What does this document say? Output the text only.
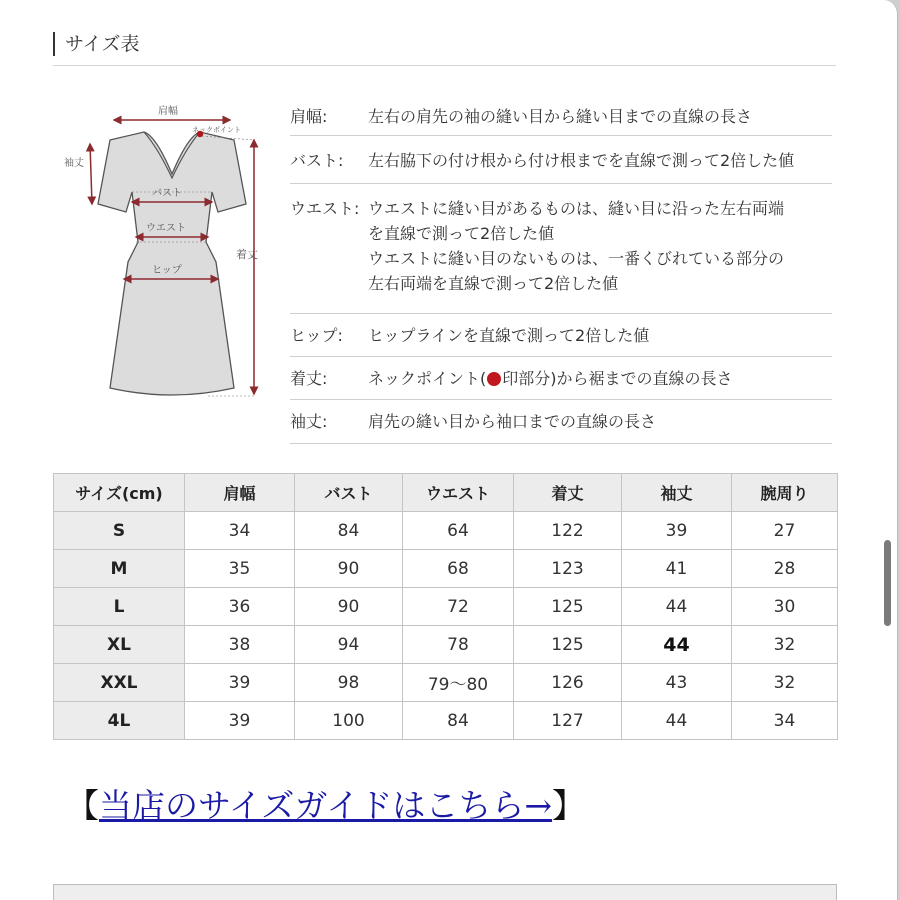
サイズ表
肩幅
ネックポイント
袖丈
バスト
ウエスト
ヒップ
着丈
肩幅:	左右の肩先の袖の縫い目から縫い目までの直線の長さ
バスト:	左右脇下の付け根から付け根までを直線で測って2倍した値
ウエスト: ウエストに縫い目があるものは、縫い目に沿った左右両端
を直線で測って2倍した値
ウエストに縫い目のないものは、一番くびれている部分の
左右両端を直線で測って2倍した値
ヒップ:	ヒップラインを直線で測って2倍した値
着丈:	ネックポイント( 印部分)から裾までの直線の長さ
袖丈:	肩先の縫い目から袖口までの直線の長さ
サイズ(cm)	肩幅	バスト	ウエスト	着丈	袖丈	腕周り
S	34	84	64	122	39	27
M	35	90	68	123	41	28
L	36	90	72	125	44	30
XL	38	94	78	125	44	32
XXL	39	98	79〜80	126	43	32
4L	39	100	84	127	44	34
【当店のサイズガイドはこちら→】
